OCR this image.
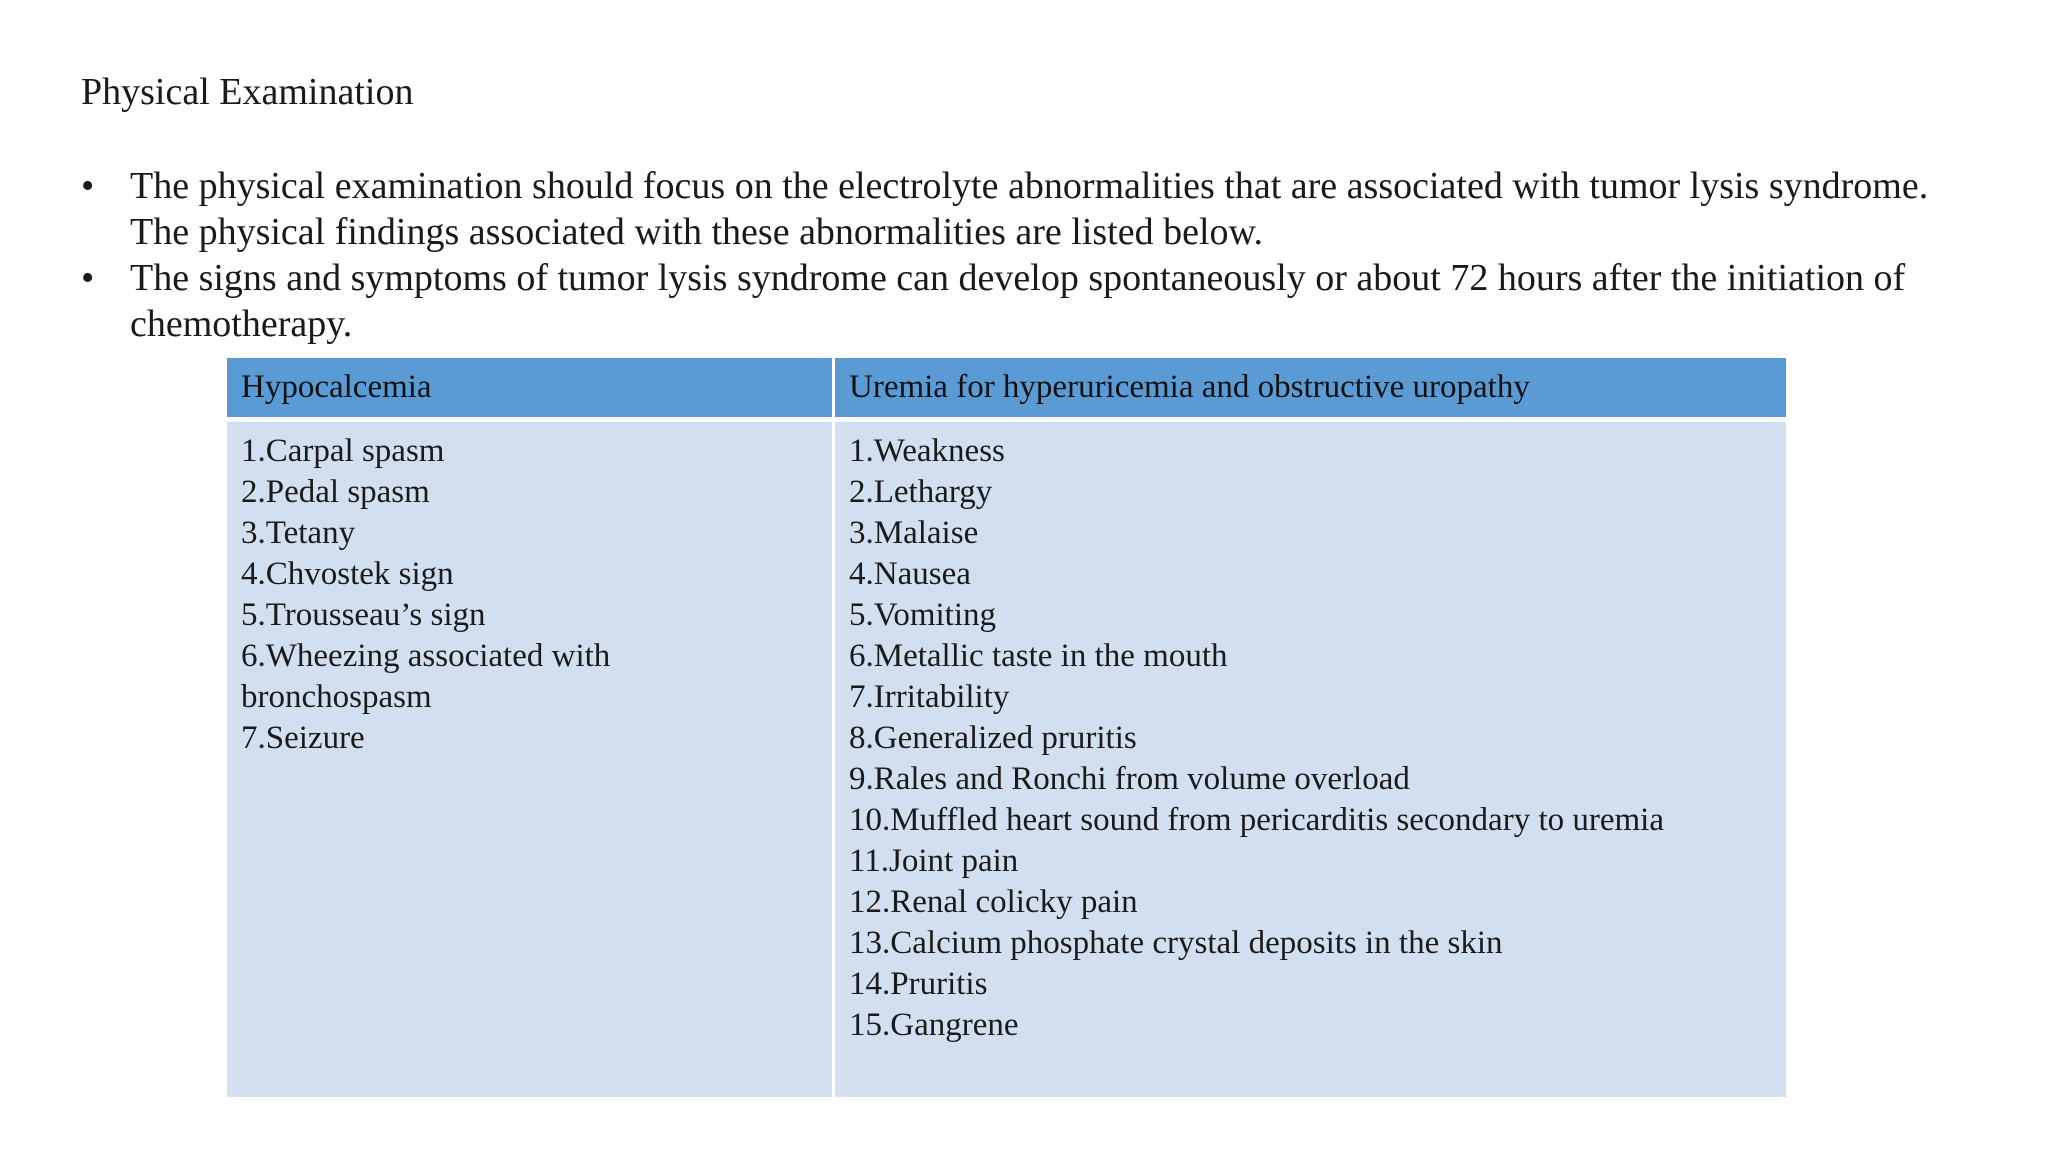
Physical Examination
• The physical examination should focus on the electrolyte abnormalities that are associated with tumor lysis syndrome. The physical findings associated with these abnormalities are listed below.
• The signs and symptoms of tumor lysis syndrome can develop spontaneously or about 72 hours after the initiation of chemotherapy.
Hypocalcemia	Uremia for hyperuricemia and obstructive uropathy
1.Carpal spasm
2.Pedal spasm
3.Tetany
4.Chvostek sign
5.Trousseau’s sign
6.Wheezing associated with bronchospasm
7.Seizure
1.Weakness
2.Lethargy
3.Malaise
4.Nausea
5.Vomiting
6.Metallic taste in the mouth
7.Irritability
8.Generalized pruritis
9.Rales and Ronchi from volume overload
10.Muffled heart sound from pericarditis secondary to uremia
11.Joint pain
12.Renal colicky pain
13.Calcium phosphate crystal deposits in the skin
14.Pruritis
15.Gangrene
